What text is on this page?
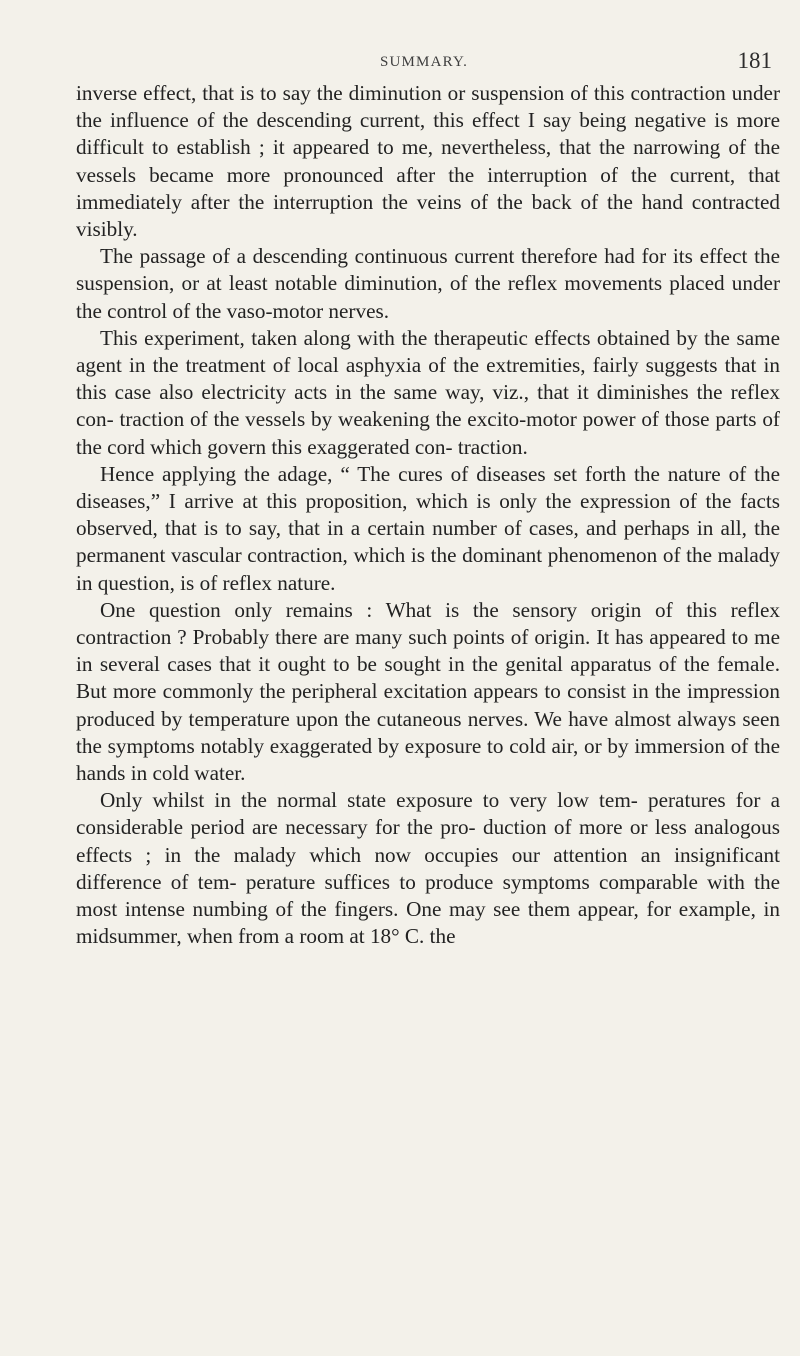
SUMMARY.	181

inverse effect, that is to say the diminution or suspension of this contraction under the influence of the descending current, this effect I say being negative is more difficult to establish ; it appeared to me, nevertheless, that the narrowing of the vessels became more pronounced after the interruption of the current, that immediately after the interruption the veins of the back of the hand contracted visibly.

The passage of a descending continuous current therefore had for its effect the suspension, or at least notable diminution, of the reflex movements placed under the control of the vaso-motor nerves.

This experiment, taken along with the therapeutic effects obtained by the same agent in the treatment of local asphyxia of the extremities, fairly suggests that in this case also electricity acts in the same way, viz., that it diminishes the reflex con- traction of the vessels by weakening the excito-motor power of those parts of the cord which govern this exaggerated con- traction.

Hence applying the adage, “ The cures of diseases set forth the nature of the diseases,” I arrive at this proposition, which is only the expression of the facts observed, that is to say, that in a certain number of cases, and perhaps in all, the permanent vascular contraction, which is the dominant phenomenon of the malady in question, is of reflex nature.

One question only remains : What is the sensory origin of this reflex contraction ? Probably there are many such points of origin. It has appeared to me in several cases that it ought to be sought in the genital apparatus of the female. But more commonly the peripheral excitation appears to consist in the impression produced by temperature upon the cutaneous nerves. We have almost always seen the symptoms notably exaggerated by exposure to cold air, or by immersion of the hands in cold water.

Only whilst in the normal state exposure to very low tem- peratures for a considerable period are necessary for the pro- duction of more or less analogous effects ; in the malady which now occupies our attention an insignificant difference of tem- perature suffices to produce symptoms comparable with the most intense numbing of the fingers. One may see them appear, for example, in midsummer, when from a room at 18° C. the
